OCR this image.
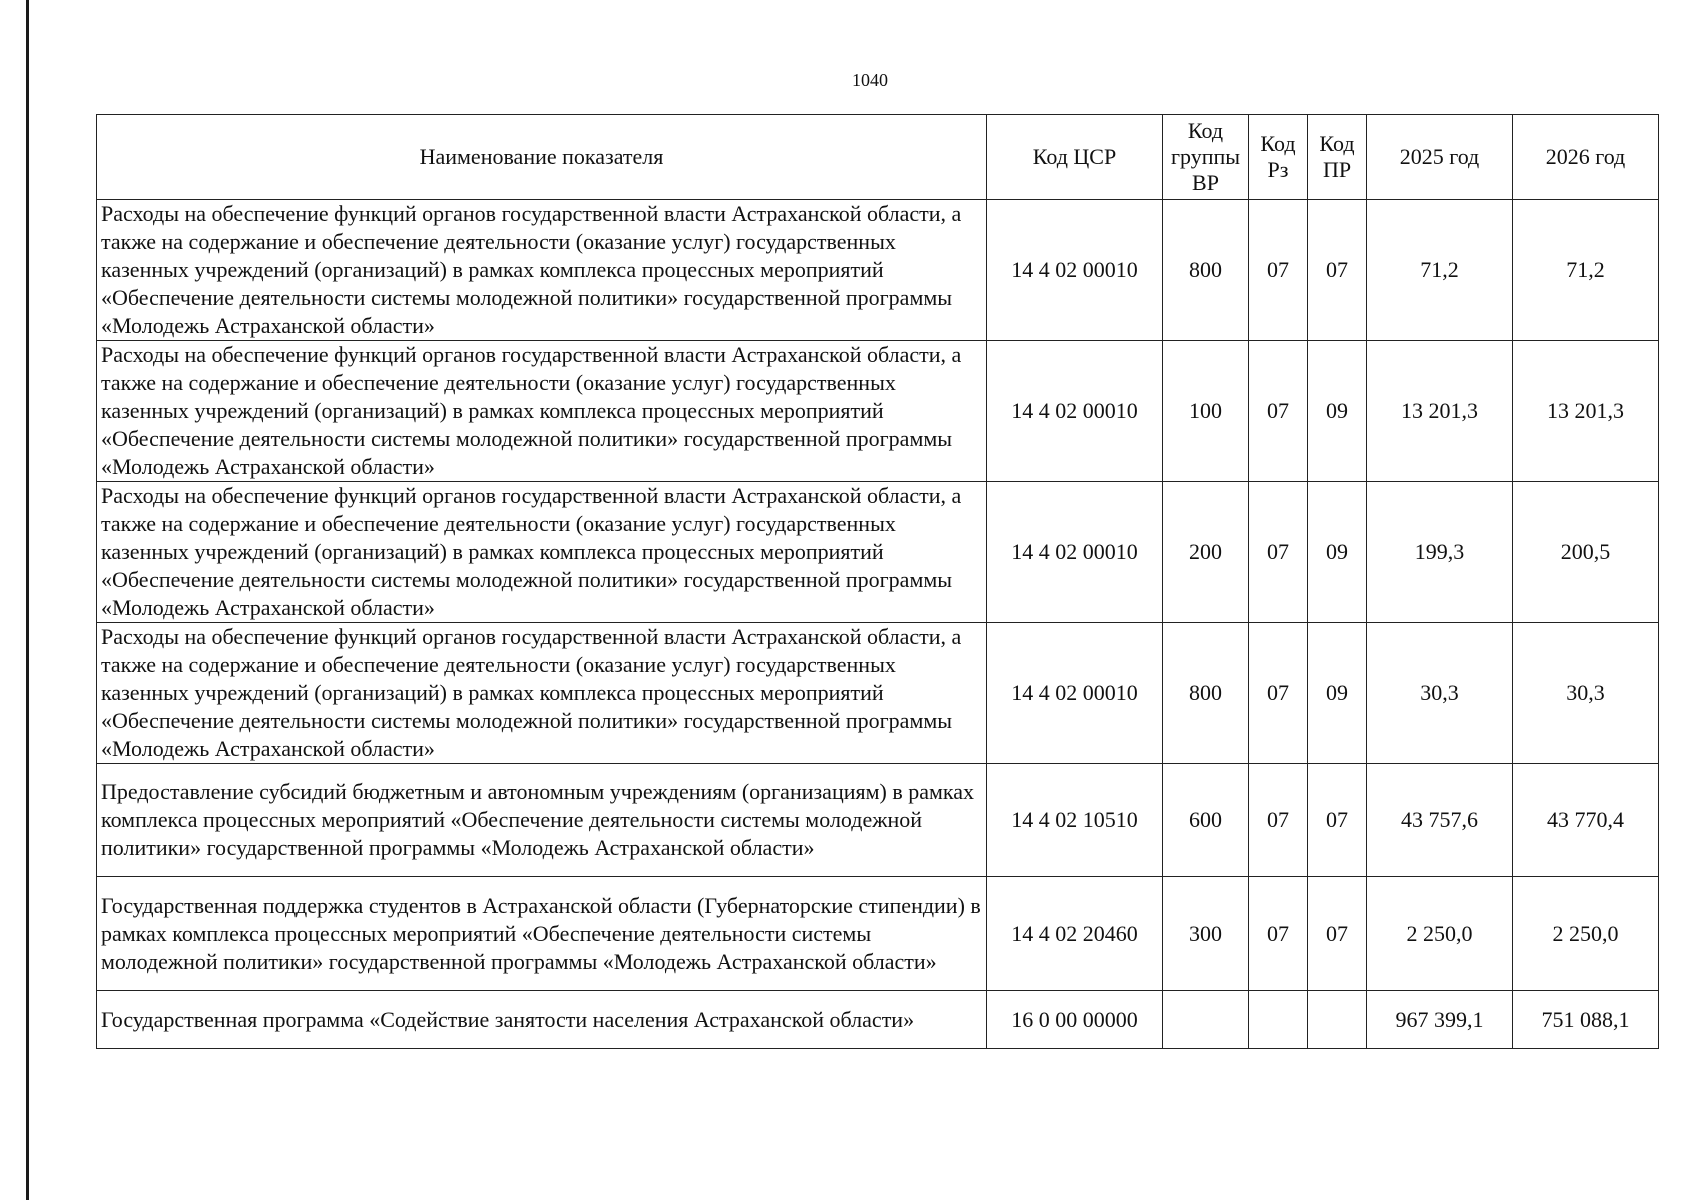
1040
Наименование показателя	Код ЦСР	Код группы ВР	Код Рз	Код ПР	2025 год	2026 год
Расходы на обеспечение функций органов государственной власти Астраханской области, а также на содержание и обеспечение деятельности (оказание услуг) государственных казенных учреждений (организаций) в рамках комплекса процессных мероприятий «Обеспечение деятельности системы молодежной политики» государственной программы «Молодежь Астраханской области»	14 4 02 00010	800	07	07	71,2	71,2
Расходы на обеспечение функций органов государственной власти Астраханской области, а также на содержание и обеспечение деятельности (оказание услуг) государственных казенных учреждений (организаций) в рамках комплекса процессных мероприятий «Обеспечение деятельности системы молодежной политики» государственной программы «Молодежь Астраханской области»	14 4 02 00010	100	07	09	13 201,3	13 201,3
Расходы на обеспечение функций органов государственной власти Астраханской области, а также на содержание и обеспечение деятельности (оказание услуг) государственных казенных учреждений (организаций) в рамках комплекса процессных мероприятий «Обеспечение деятельности системы молодежной политики» государственной программы «Молодежь Астраханской области»	14 4 02 00010	200	07	09	199,3	200,5
Расходы на обеспечение функций органов государственной власти Астраханской области, а также на содержание и обеспечение деятельности (оказание услуг) государственных казенных учреждений (организаций) в рамках комплекса процессных мероприятий «Обеспечение деятельности системы молодежной политики» государственной программы «Молодежь Астраханской области»	14 4 02 00010	800	07	09	30,3	30,3
Предоставление субсидий бюджетным и автономным учреждениям (организациям) в рамках комплекса процессных мероприятий «Обеспечение деятельности системы молодежной политики» государственной программы «Молодежь Астраханской области»	14 4 02 10510	600	07	07	43 757,6	43 770,4
Государственная поддержка студентов в Астраханской области (Губернаторские стипендии) в рамках комплекса процессных мероприятий «Обеспечение деятельности системы молодежной политики» государственной программы «Молодежь Астраханской области»	14 4 02 20460	300	07	07	2 250,0	2 250,0
Государственная программа «Содействие занятости населения Астраханской области»	16 0 00 00000				967 399,1	751 088,1
